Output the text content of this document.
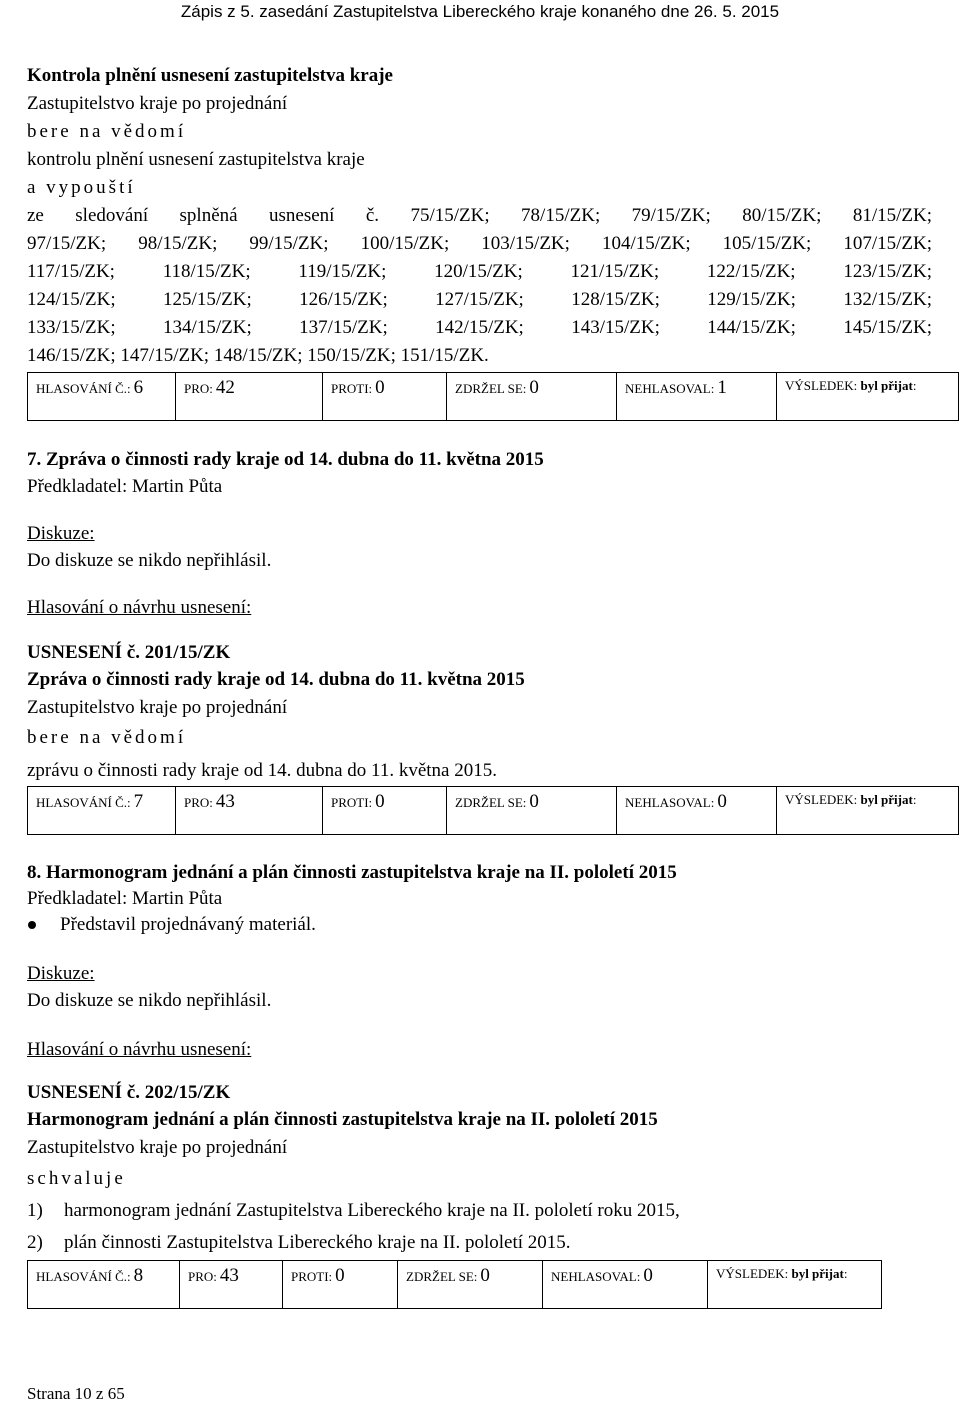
Zápis z 5. zasedání Zastupitelstva Libereckého kraje konaného dne 26. 5. 2015
Kontrola plnění usnesení zastupitelstva kraje
Zastupitelstvo kraje po projednání
bere na vědomí
kontrolu plnění usnesení zastupitelstva kraje
a vypouští
ze sledování splněná usnesení č. 75/15/ZK; 78/15/ZK; 79/15/ZK; 80/15/ZK; 81/15/ZK;
97/15/ZK; 98/15/ZK; 99/15/ZK; 100/15/ZK; 103/15/ZK; 104/15/ZK; 105/15/ZK; 107/15/ZK;
117/15/ZK; 118/15/ZK; 119/15/ZK; 120/15/ZK; 121/15/ZK; 122/15/ZK; 123/15/ZK;
124/15/ZK; 125/15/ZK; 126/15/ZK; 127/15/ZK; 128/15/ZK; 129/15/ZK; 132/15/ZK;
133/15/ZK; 134/15/ZK; 137/15/ZK; 142/15/ZK; 143/15/ZK; 144/15/ZK; 145/15/ZK;
146/15/ZK; 147/15/ZK; 148/15/ZK; 150/15/ZK; 151/15/ZK.
HLASOVÁNÍ Č.: 6	PRO: 42	PROTI: 0	ZDRŽEL SE: 0	NEHLASOVAL: 1	VÝSLEDEK: byl přijat:
7. Zpráva o činnosti rady kraje od 14. dubna do 11. května 2015
Předkladatel: Martin Půta
Diskuze:
Do diskuze se nikdo nepřihlásil.
Hlasování o návrhu usnesení:
USNESENÍ č. 201/15/ZK
Zpráva o činnosti rady kraje od 14. dubna do 11. května 2015
Zastupitelstvo kraje po projednání
bere na vědomí
zprávu o činnosti rady kraje od 14. dubna do 11. května 2015.
HLASOVÁNÍ Č.: 7	PRO: 43	PROTI: 0	ZDRŽEL SE: 0	NEHLASOVAL: 0	VÝSLEDEK: byl přijat:
8. Harmonogram jednání a plán činnosti zastupitelstva kraje na II. pololetí 2015
Předkladatel: Martin Půta
Představil projednávaný materiál.
Diskuze:
Do diskuze se nikdo nepřihlásil.
Hlasování o návrhu usnesení:
USNESENÍ č. 202/15/ZK
Harmonogram jednání a plán činnosti zastupitelstva kraje na II. pololetí 2015
Zastupitelstvo kraje po projednání
schvaluje
1) harmonogram jednání Zastupitelstva Libereckého kraje na II. pololetí roku 2015,
2) plán činnosti Zastupitelstva Libereckého kraje na II. pololetí 2015.
HLASOVÁNÍ Č.: 8	PRO: 43	PROTI: 0	ZDRŽEL SE: 0	NEHLASOVAL: 0	VÝSLEDEK: byl přijat:
Strana 10 z 65
